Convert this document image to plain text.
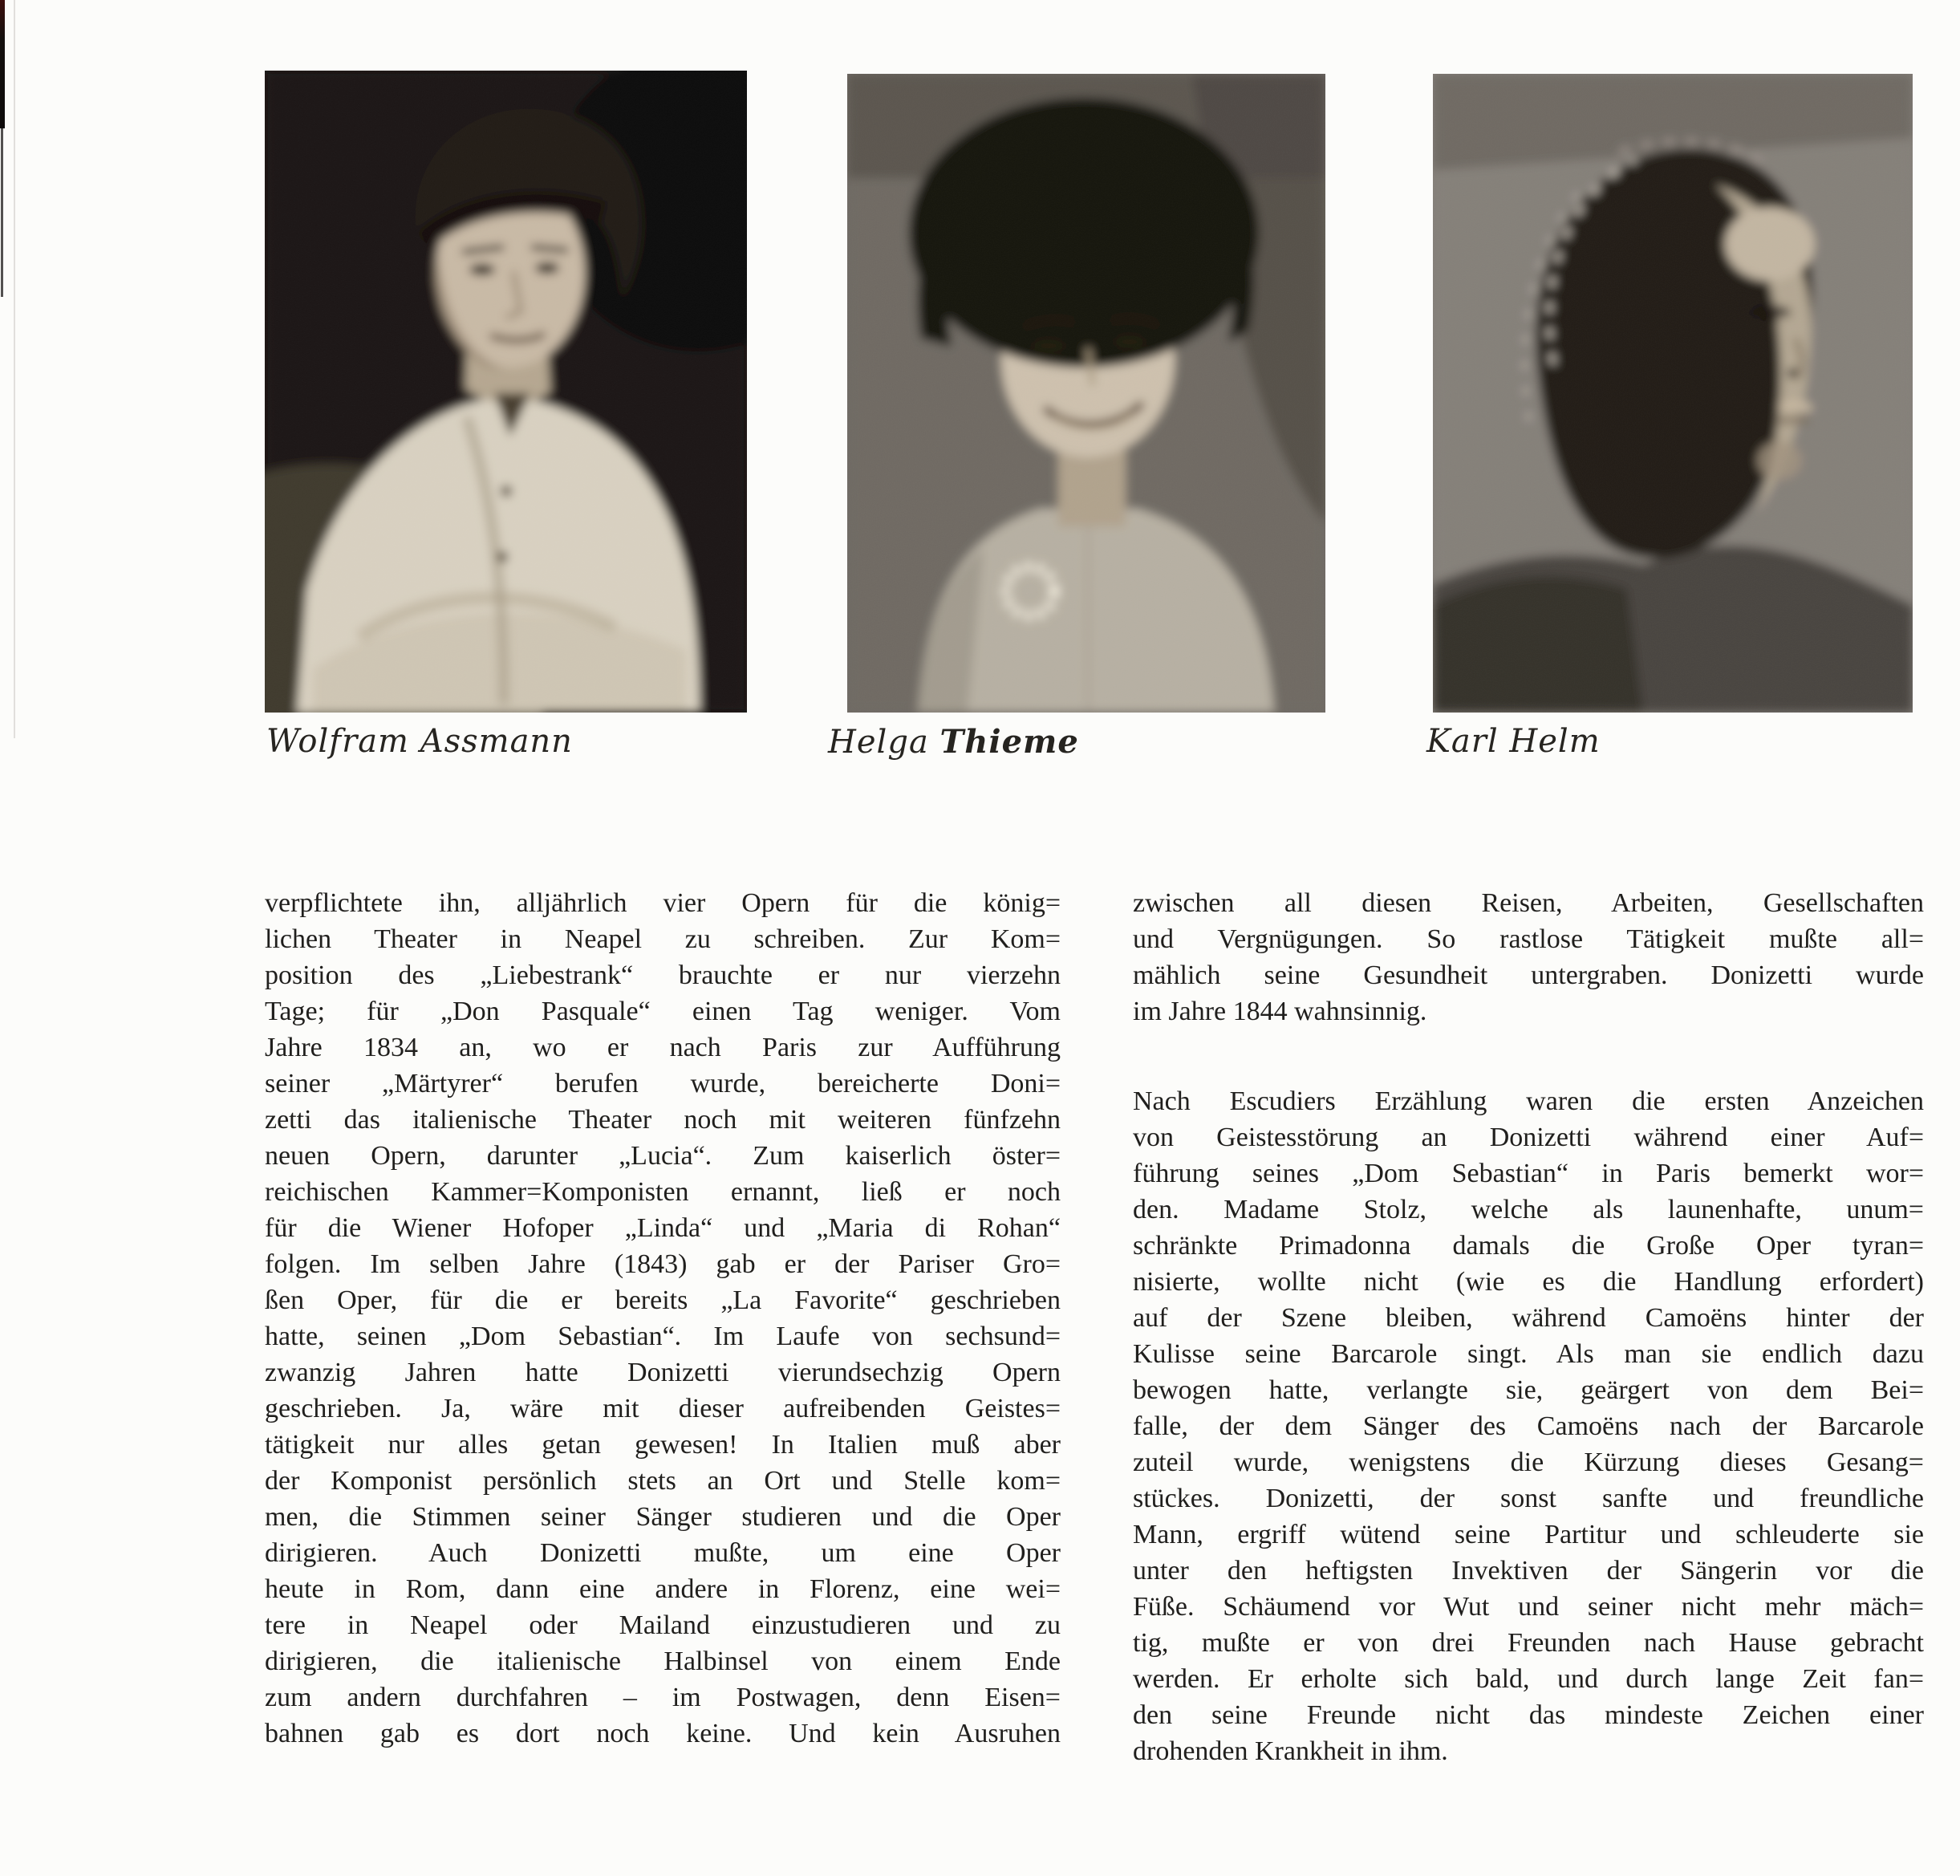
Wolfram Assmann	Helga Thieme	Karl Helm
verpflichtete ihn, alljährlich vier Opern für die könig=
lichen Theater in Neapel zu schreiben. Zur Kom=
position des „Liebestrank“ brauchte er nur vierzehn
Tage; für „Don Pasquale“ einen Tag weniger. Vom
Jahre 1834 an, wo er nach Paris zur Aufführung
seiner „Märtyrer“ berufen wurde, bereicherte Doni=
zetti das italienische Theater noch mit weiteren fünfzehn
neuen Opern, darunter „Lucia“. Zum kaiserlich öster=
reichischen Kammer=Komponisten ernannt, ließ er noch
für die Wiener Hofoper „Linda“ und „Maria di Rohan“
folgen. Im selben Jahre (1843) gab er der Pariser Gro=
ßen Oper, für die er bereits „La Favorite“ geschrieben
hatte, seinen „Dom Sebastian“. Im Laufe von sechsund=
zwanzig Jahren hatte Donizetti vierundsechzig Opern
geschrieben. Ja, wäre mit dieser aufreibenden Geistes=
tätigkeit nur alles getan gewesen! In Italien muß aber
der Komponist persönlich stets an Ort und Stelle kom=
men, die Stimmen seiner Sänger studieren und die Oper
dirigieren. Auch Donizetti mußte, um eine Oper
heute in Rom, dann eine andere in Florenz, eine wei=
tere in Neapel oder Mailand einzustudieren und zu
dirigieren, die italienische Halbinsel von einem Ende
zum andern durchfahren – im Postwagen, denn Eisen=
bahnen gab es dort noch keine. Und kein Ausruhen
zwischen all diesen Reisen, Arbeiten, Gesellschaften
und Vergnügungen. So rastlose Tätigkeit mußte all=
mählich seine Gesundheit untergraben. Donizetti wurde
im Jahre 1844 wahnsinnig.
Nach Escudiers Erzählung waren die ersten Anzeichen
von Geistesstörung an Donizetti während einer Auf=
führung seines „Dom Sebastian“ in Paris bemerkt wor=
den. Madame Stolz, welche als launenhafte, unum=
schränkte Primadonna damals die Große Oper tyran=
nisierte, wollte nicht (wie es die Handlung erfordert)
auf der Szene bleiben, während Camoëns hinter der
Kulisse seine Barcarole singt. Als man sie endlich dazu
bewogen hatte, verlangte sie, geärgert von dem Bei=
falle, der dem Sänger des Camoëns nach der Barcarole
zuteil wurde, wenigstens die Kürzung dieses Gesang=
stückes. Donizetti, der sonst sanfte und freundliche
Mann, ergriff wütend seine Partitur und schleuderte sie
unter den heftigsten Invektiven der Sängerin vor die
Füße. Schäumend vor Wut und seiner nicht mehr mäch=
tig, mußte er von drei Freunden nach Hause gebracht
werden. Er erholte sich bald, und durch lange Zeit fan=
den seine Freunde nicht das mindeste Zeichen einer
drohenden Krankheit in ihm.
